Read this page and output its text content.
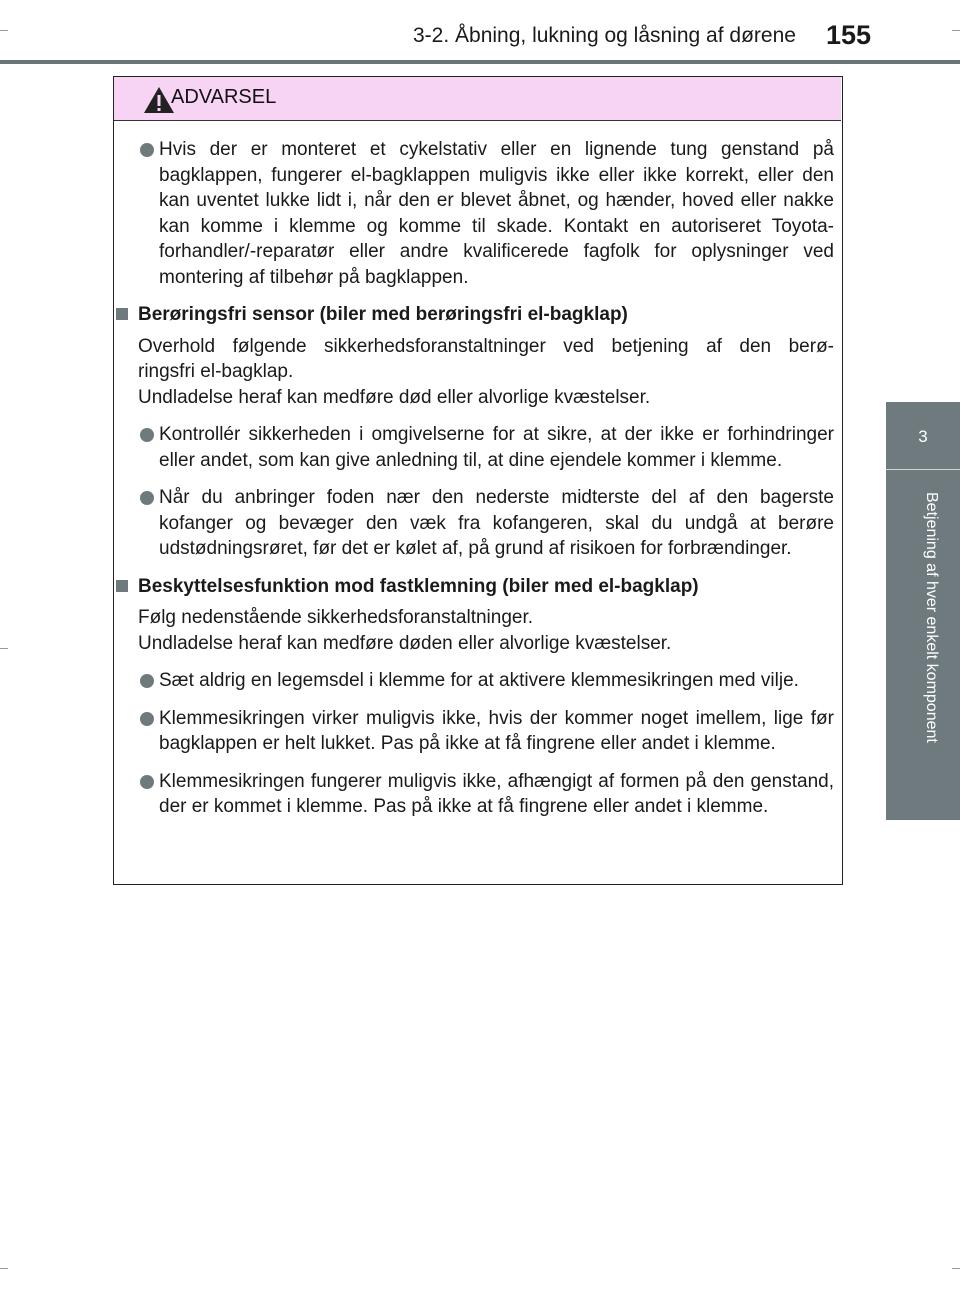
3-2. Åbning, lukning og låsning af dørene 155
3
Betjening af hver enkelt komponent
ADVARSEL
Hvis der er monteret et cykelstativ eller en lignende tung genstand på bagklappen, fungerer el-bagklappen muligvis ikke eller ikke korrekt, eller den kan uventet lukke lidt i, når den er blevet åbnet, og hænder, hoved eller nakke kan komme i klemme og komme til skade. Kontakt en autoriseret Toyota-forhandler/-reparatør eller andre kvalificerede fagfolk for oplysninger ved montering af tilbehør på bagklappen.
Berøringsfri sensor (biler med berøringsfri el-bagklap)
Overhold følgende sikkerhedsforanstaltninger ved betjening af den berø-
ringsfri el-bagklap.
Undladelse heraf kan medføre død eller alvorlige kvæstelser.
Kontrollér sikkerheden i omgivelserne for at sikre, at der ikke er forhindringer eller andet, som kan give anledning til, at dine ejendele kommer i klemme.
Når du anbringer foden nær den nederste midterste del af den bagerste kofanger og bevæger den væk fra kofangeren, skal du undgå at berøre udstødningsrøret, før det er kølet af, på grund af risikoen for forbrændinger.
Beskyttelsesfunktion mod fastklemning (biler med el-bagklap)
Følg nedenstående sikkerhedsforanstaltninger.
Undladelse heraf kan medføre døden eller alvorlige kvæstelser.
Sæt aldrig en legemsdel i klemme for at aktivere klemmesikringen med vilje.
Klemmesikringen virker muligvis ikke, hvis der kommer noget imellem, lige før bagklappen er helt lukket. Pas på ikke at få fingrene eller andet i klemme.
Klemmesikringen fungerer muligvis ikke, afhængigt af formen på den genstand, der er kommet i klemme. Pas på ikke at få fingrene eller andet i klemme.
